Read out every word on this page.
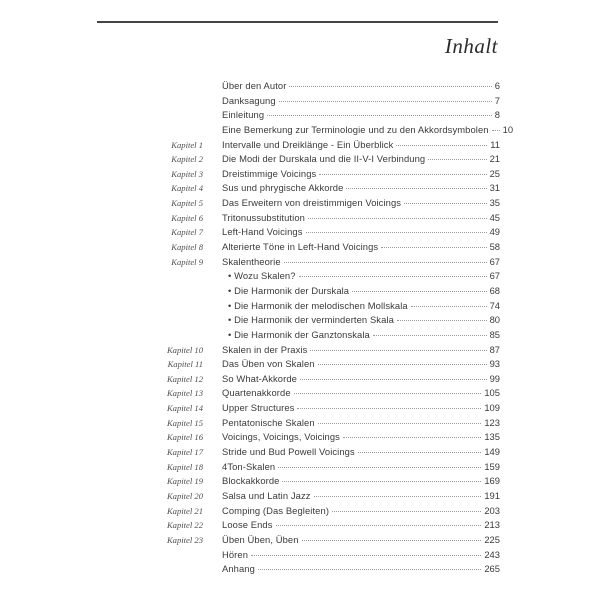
Inhalt
Über den Autor	6
Danksagung	7
Einleitung	8
Eine Bemerkung zur Terminologie und zu den Akkordsymbolen 10
Kapitel 1 Intervalle und Dreiklänge - Ein Überblick	11
Kapitel 2 Die Modi der Durskala und die II-V-I Verbindung	21
Kapitel 3 Dreistimmige Voicings	25
Kapitel 4 Sus und phrygische Akkorde	31
Kapitel 5 Das Erweitern von dreistimmigen Voicings	35
Kapitel 6 Tritonussubstitution	45
Kapitel 7 Left-Hand Voicings	49
Kapitel 8 Alterierte Töne in Left-Hand Voicings	58
Kapitel 9 Skalentheorie	67
• Wozu Skalen?	67
• Die Harmonik der Durskala	68
• Die Harmonik der melodischen Mollskala	74
• Die Harmonik der verminderten Skala	80
• Die Harmonik der Ganztonskala	85
Kapitel 10 Skalen in der Praxis	87
Kapitel 11 Das Üben von Skalen	93
Kapitel 12 So What-Akkorde	99
Kapitel 13 Quartenakkorde	105
Kapitel 14 Upper Structures	109
Kapitel 15 Pentatonische Skalen	123
Kapitel 16 Voicings, Voicings, Voicings	135
Kapitel 17 Stride und Bud Powell Voicings	149
Kapitel 18 4Ton-Skalen	159
Kapitel 19 Blockakkorde	169
Kapitel 20 Salsa und Latin Jazz	191
Kapitel 21 Comping (Das Begleiten)	203
Kapitel 22 Loose Ends	213
Kapitel 23 Üben Üben, Üben	225
Hören	243
Anhang	265
